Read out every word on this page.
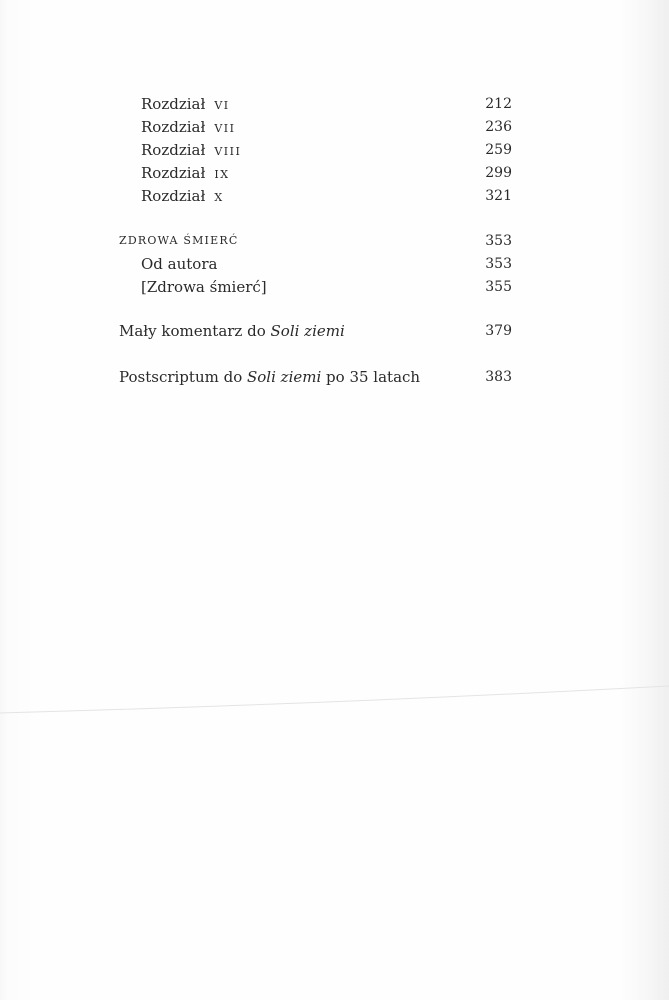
Rozdział VI	212
Rozdział VII	236
Rozdział VIII	259
Rozdział IX	299
Rozdział X	321
ZDROWA ŚMIERĆ	353
Od autora	353
[Zdrowa śmierć]	355
Mały komentarz do Soli ziemi	379
Postscriptum do Soli ziemi po 35 latach	383
